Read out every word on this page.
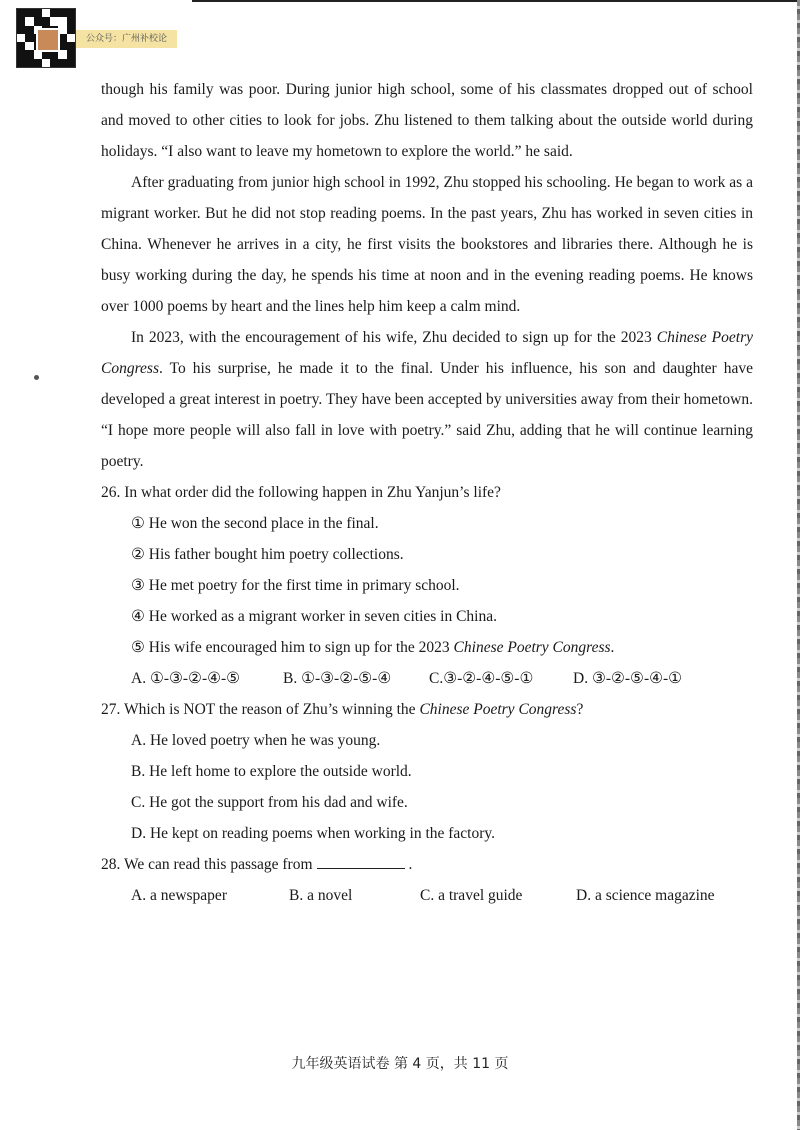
公众号：广州补校论

though his family was poor. During junior high school, some of his classmates dropped out of school and moved to other cities to look for jobs. Zhu listened to them talking about the outside world during holidays. “I also want to leave my hometown to explore the world.” he said.

After graduating from junior high school in 1992, Zhu stopped his schooling. He began to work as a migrant worker. But he did not stop reading poems. In the past years, Zhu has worked in seven cities in China. Whenever he arrives in a city, he first visits the bookstores and libraries there. Although he is busy working during the day, he spends his time at noon and in the evening reading poems. He knows over 1000 poems by heart and the lines help him keep a calm mind.

In 2023, with the encouragement of his wife, Zhu decided to sign up for the 2023 Chinese Poetry Congress. To his surprise, he made it to the final. Under his influence, his son and daughter have developed a great interest in poetry. They have been accepted by universities away from their hometown. “I hope more people will also fall in love with poetry.” said Zhu, adding that he will continue learning poetry.

26. In what order did the following happen in Zhu Yanjun’s life?

① He won the second place in the final.

② His father bought him poetry collections.

③ He met poetry for the first time in primary school.

④ He worked as a migrant worker in seven cities in China.

⑤ His wife encouraged him to sign up for the 2023 Chinese Poetry Congress.

A. ①-③-②-④-⑤	B. ①-③-②-⑤-④	C.③-②-④-⑤-①	D. ③-②-⑤-④-①

27. Which is NOT the reason of Zhu’s winning the Chinese Poetry Congress?

A. He loved poetry when he was young.

B. He left home to explore the outside world.

C. He got the support from his dad and wife.

D. He kept on reading poems when working in the factory.

28. We can read this passage from	.

A. a newspaper	B. a novel	C. a travel guide	D. a science magazine
九年级英语试卷 第 4 页，共 11 页
